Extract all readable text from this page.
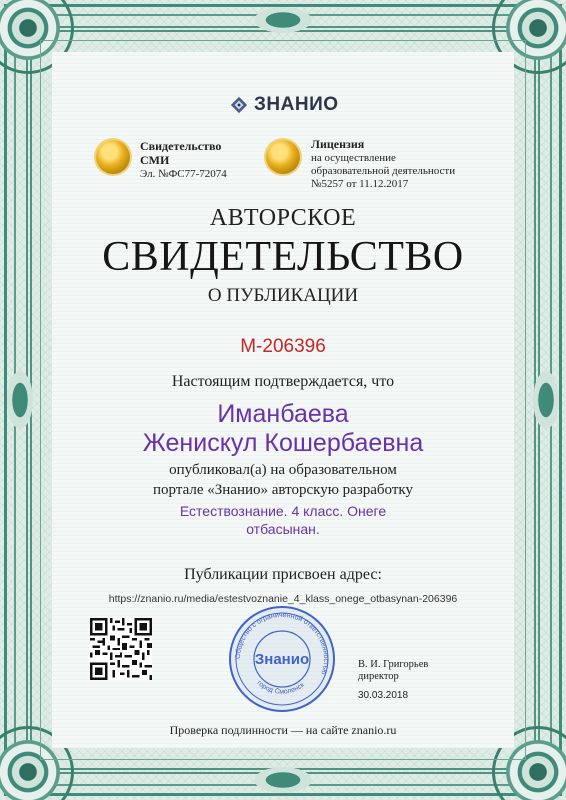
ЗНАНИО
Свидетельство
СМИ
Эл. №ФС77-72074
Лицензия
на осуществление
образовательной деятельности
№5257 от 11.12.2017
АВТОРСКОЕ
СВИДЕТЕЛЬСТВО
О ПУБЛИКАЦИИ
M-206396
Настоящим подтверждается, что
Иманбаева
Женискул Кошербаевна
опубликовал(а) на образовательном
портале «Знанио» авторскую разработку
Естествознание. 4 класс. Онеге
отбасынан.
Публикации присвоен адрес:
https://znanio.ru/media/estestvoznanie_4_klass_onege_otbasynan-206396
Общество с ограниченной ответственностью
город Смоленск
Знанио	В. И. Григорьев
директор
30.03.2018
Проверка подлинности — на сайте znanio.ru
